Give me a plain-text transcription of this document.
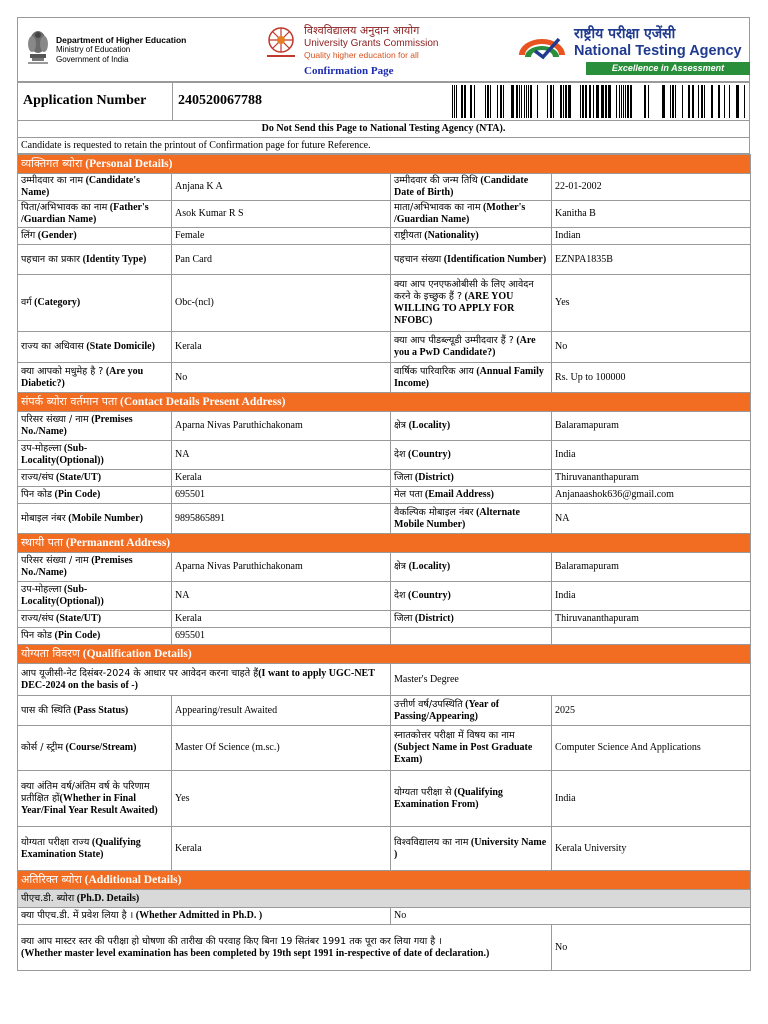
Department of Higher Education
Ministry of Education
Government of India
विश्वविद्यालय अनुदान आयोग
University Grants Commission
Quality higher education for all
Confirmation Page
राष्ट्रीय परीक्षा एजेंसी
National Testing Agency
Excellence in Assessment
Application Number 240520067788
Do Not Send this Page to National Testing Agency (NTA).
Candidate is requested to retain the printout of Confirmation page for future Reference.
व्यक्तिगत ब्योरा (Personal Details)			
उम्मीदवार का नाम (Candidate's Name)	Anjana K A	उम्मीदवार की जन्म तिथि (Candidate Date of Birth)	22-01-2002
पिता/अभिभावक का नाम (Father's /Guardian Name)	Asok Kumar R S	माता/अभिभावक का नाम (Mother's /Guardian Name)	Kanitha B
लिंग (Gender)	Female	राष्ट्रीयता (Nationality)	Indian
पहचान का प्रकार (Identity Type)	Pan Card	पहचान संख्या (Identification Number)	EZNPA1835B
वर्ग (Category)	Obc-(ncl)	क्या आप एनएफओबीसी के लिए आवेदन करने के इच्छुक हैं ? (ARE YOU WILLING TO APPLY FOR NFOBC)	Yes
राज्य का अधिवास (State Domicile)	Kerala	क्या आप पीडब्ल्यूडी उम्मीदवार हैं ? (Are you a PwD Candidate?)	No
क्या आपको मधुमेह है ? (Are you Diabetic?)	No	वार्षिक पारिवारिक आय (Annual Family Income)	Rs. Up to 100000
संपर्क ब्योरा वर्तमान पता (Contact Details Present Address)			
परिसर संख्या / नाम (Premises No./Name)	Aparna Nivas Paruthichakonam	क्षेत्र (Locality)	Balaramapuram
उप-मोहल्ला (Sub-Locality(Optional))	NA	देश (Country)	India
राज्य/संघ (State/UT)	Kerala	जिला (District)	Thiruvananthapuram
पिन कोड (Pin Code)	695501	मेल पता (Email Address)	Anjanaashok636@gmail.com
मोबाइल नंबर (Mobile Number)	9895865891	वैकल्पिक मोबाइल नंबर (Alternate Mobile Number)	NA
स्थायी पता (Permanent Address)			
परिसर संख्या / नाम (Premises No./Name)	Aparna Nivas Paruthichakonam	क्षेत्र (Locality)	Balaramapuram
उप-मोहल्ला (Sub-Locality(Optional))	NA	देश (Country)	India
राज्य/संघ (State/UT)	Kerala	जिला (District)	Thiruvananthapuram
पिन कोड (Pin Code)	695501		
योग्यता विवरण (Qualification Details)			
आप यूजीसी-नेट दिसंबर-2024 के आधार पर आवेदन करना चाहते हैं(I want to apply UGC-NET DEC-2024 on the basis of -)		Master's Degree	
पास की स्थिति (Pass Status)	Appearing/result Awaited	उत्तीर्ण वर्ष/उपस्थिति (Year of Passing/Appearing)	2025
कोर्स / स्ट्रीम (Course/Stream)	Master Of Science (m.sc.)	स्नातकोत्तर परीक्षा में विषय का नाम (Subject Name in Post Graduate Exam)	Computer Science And Applications
क्या अंतिम वर्ष/अंतिम वर्ष के परिणाम प्रतीक्षित हों(Whether in Final Year/Final Year Result Awaited)	Yes	योग्यता परीक्षा से (Qualifying Examination From)	India
योग्यता परीक्षा राज्य (Qualifying Examination State)	Kerala	विश्वविद्यालय का नाम (University Name )	Kerala University
अतिरिक्त ब्योरा (Additional Details)			
पीएच.डी. ब्योरा (Ph.D. Details)			
क्या पीएच.डी. में प्रवेश लिया है । (Whether Admitted in Ph.D. )		No	
क्या आप मास्टर स्तर की परीक्षा हो घोषणा की तारीख की परवाह किए बिना 19 सितंबर 1991 तक पूरा कर लिया गया है ।
(Whether master level examination has been completed by 19th sept 1991 in-respective of date of declaration.)			No
